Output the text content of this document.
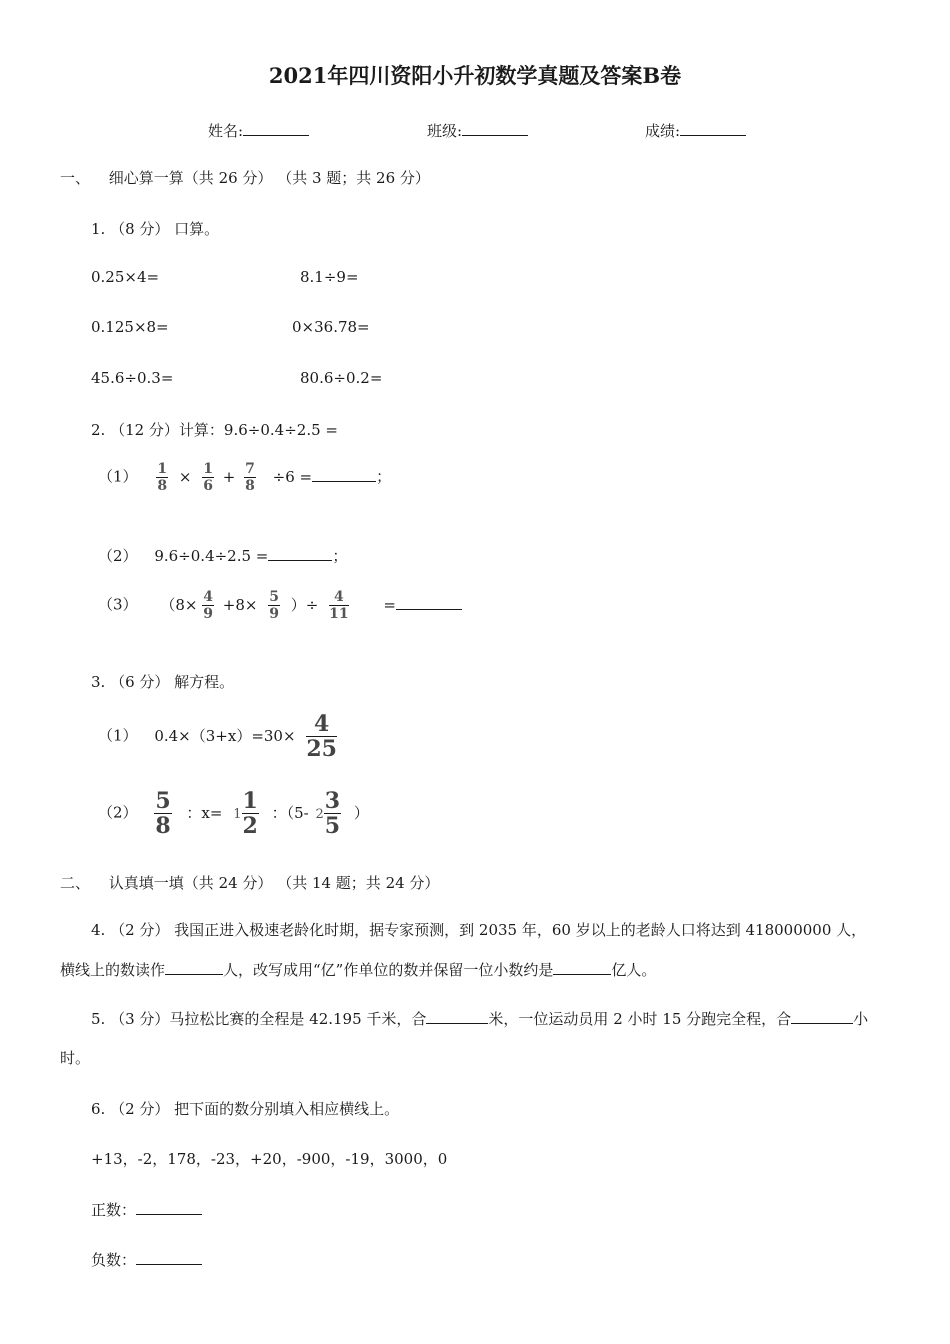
2021年四川资阳小升初数学真题及答案B卷
姓名:	班级:	成绩:
一、 细心算一算（共 26 分） （共 3 题；共 26 分）
1. （8 分） 口算。
0.25×4=	8.1÷9=
0.125×8=	0×36.78=
45.6÷0.3=	80.6÷0.2=
2. （12 分）计算：9.6÷0.4÷2.5 =
$(1) \frac{1}{8} \times \frac{1}{6} + \frac{7}{8} \div 6$ =	；
（2） 9.6÷0.4÷2.5 =	；
（3） （$8\times \frac{4}{9} +8\times \frac{5}{9}$ ）÷ $\frac{4}{11}$ =
3. （6 分） 解方程。
（1） $0.4\times(3+x)=30\times \frac{4}{25}$
$(2) \frac{5}{8}$ ：$x= 1 \frac{1}{2}$ ：（5- $2 \frac{3}{5}$ ）
二、 认真填一填（共 24 分） （共 14 题；共 24 分）
4. （2 分） 我国正进入极速老龄化时期，据专家预测，到 2035 年，60 岁以上的老龄人口将达到 418000000 人，
横线上的数读作	人，改写成用“亿”作单位的数并保留一位小数约是	亿人。
5. （3 分）马拉松比赛的全程是 42.195 千米，合	米，一位运动员用 2 小时 15 分跑完全程，合	小
时。
6. （2 分） 把下面的数分别填入相应横线上。
+13，-2，178，-23，+20，-900，-19，3000，0
正数：
负数：
